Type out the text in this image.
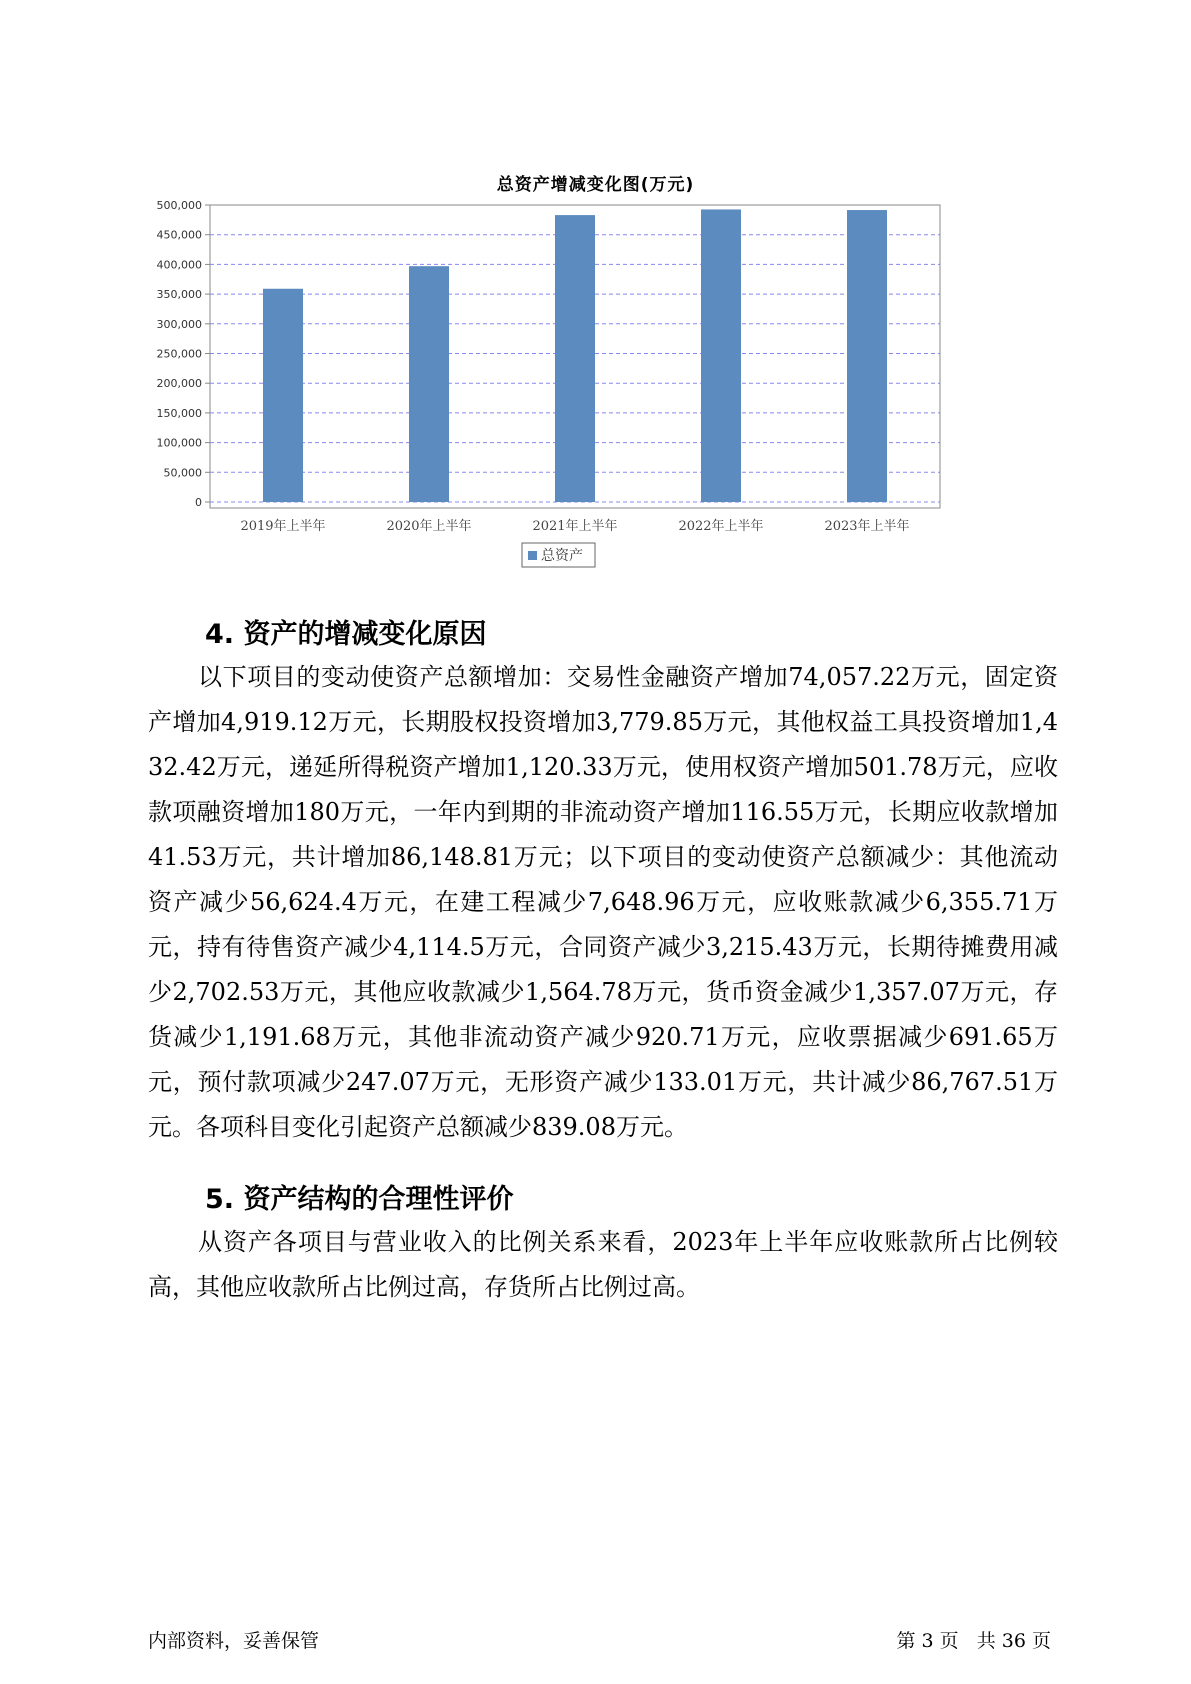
总资产增减变化图(万元)
0
50,000
100,000
150,000
200,000
250,000
300,000
350,000
400,000
450,000
500,000
2019年上半年	2020年上半年	2021年上半年	2022年上半年	2023年上半年
总资产
4. 资产的增减变化原因

以下项目的变动使资产总额增加：交易性金融资产增加74,057.22万元，固定资产增加4,919.12万元，长期股权投资增加3,779.85万元，其他权益工具投资增加1,432.42万元，递延所得税资产增加1,120.33万元，使用权资产增加501.78万元，应收款项融资增加180万元，一年内到期的非流动资产增加116.55万元，长期应收款增加41.53万元，共计增加86,148.81万元；以下项目的变动使资产总额减少：其他流动资产减少56,624.4万元，在建工程减少7,648.96万元，应收账款减少6,355.71万元，持有待售资产减少4,114.5万元，合同资产减少3,215.43万元，长期待摊费用减少2,702.53万元，其他应收款减少1,564.78万元，货币资金减少1,357.07万元，存货减少1,191.68万元，其他非流动资产减少920.71万元，应收票据减少691.65万元，预付款项减少247.07万元，无形资产减少133.01万元，共计减少86,767.51万元。各项科目变化引起资产总额减少839.08万元。

5. 资产结构的合理性评价

从资产各项目与营业收入的比例关系来看，2023年上半年应收账款所占比例较高，其他应收款所占比例过高，存货所占比例过高。

内部资料，妥善保管	第 3 页   共 36 页
